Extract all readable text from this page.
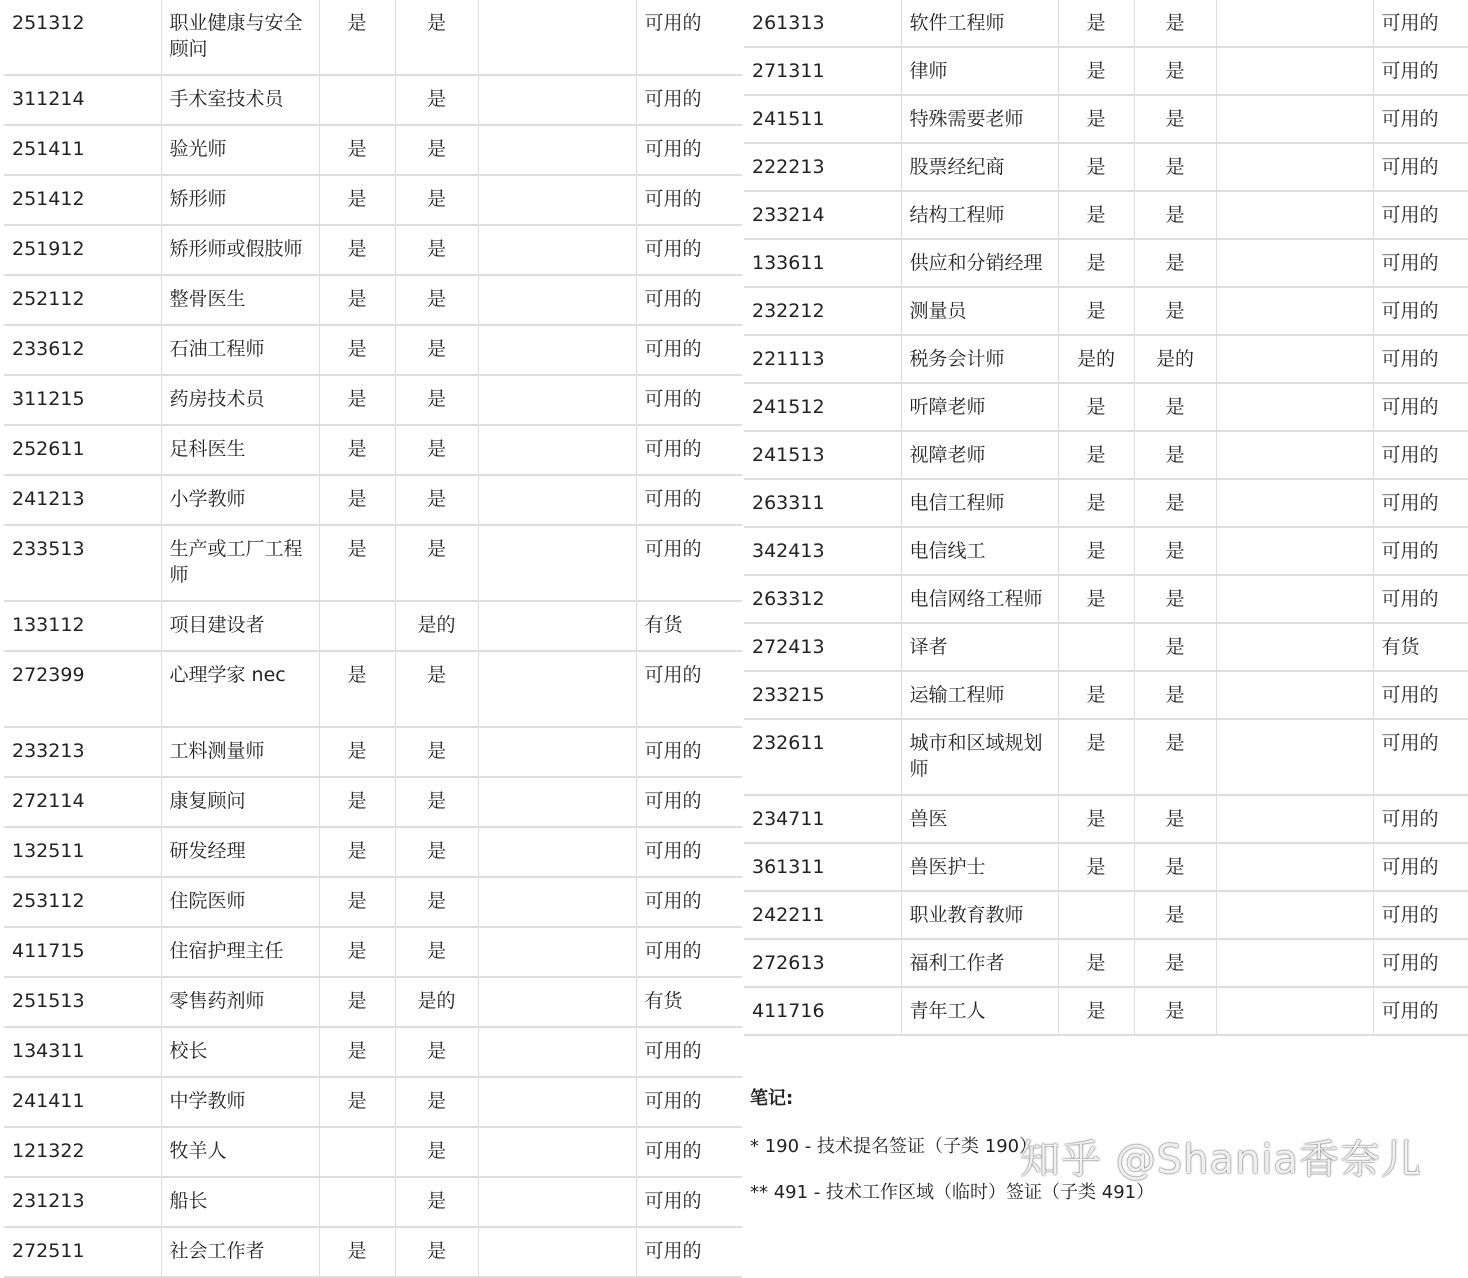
251312	职业健康与安全顾问	是	是		可用的
311214	手术室技术员		是		可用的
251411	验光师	是	是		可用的
251412	矫形师	是	是		可用的
251912	矫形师或假肢师	是	是		可用的
252112	整骨医生	是	是		可用的
233612	石油工程师	是	是		可用的
311215	药房技术员	是	是		可用的
252611	足科医生	是	是		可用的
241213	小学教师	是	是		可用的
233513	生产或工厂工程师	是	是		可用的
133112	项目建设者		是的		有货
272399	心理学家 nec	是	是		可用的
233213	工料测量师	是	是		可用的
272114	康复顾问	是	是		可用的
132511	研发经理	是	是		可用的
253112	住院医师	是	是		可用的
411715	住宿护理主任	是	是		可用的
251513	零售药剂师	是	是的		有货
134311	校长	是	是		可用的
241411	中学教师	是	是		可用的
121322	牧羊人		是		可用的
231213	船长		是		可用的
272511	社会工作者	是	是		可用的
261313	软件工程师	是	是		可用的
271311	律师	是	是		可用的
241511	特殊需要老师	是	是		可用的
222213	股票经纪商	是	是		可用的
233214	结构工程师	是	是		可用的
133611	供应和分销经理	是	是		可用的
232212	测量员	是	是		可用的
221113	税务会计师	是的	是的		可用的
241512	听障老师	是	是		可用的
241513	视障老师	是	是		可用的
263311	电信工程师	是	是		可用的
342413	电信线工	是	是		可用的
263312	电信网络工程师	是	是		可用的
272413	译者		是		有货
233215	运输工程师	是	是		可用的
232611	城市和区域规划师	是	是		可用的
234711	兽医	是	是		可用的
361311	兽医护士	是	是		可用的
242211	职业教育教师		是		可用的
272613	福利工作者	是	是		可用的
411716	青年工人	是	是		可用的
笔记:
* 190 - 技术提名签证（子类 190）
** 491 - 技术工作区域（临时）签证（子类 491）
知乎 @Shania香奈儿
